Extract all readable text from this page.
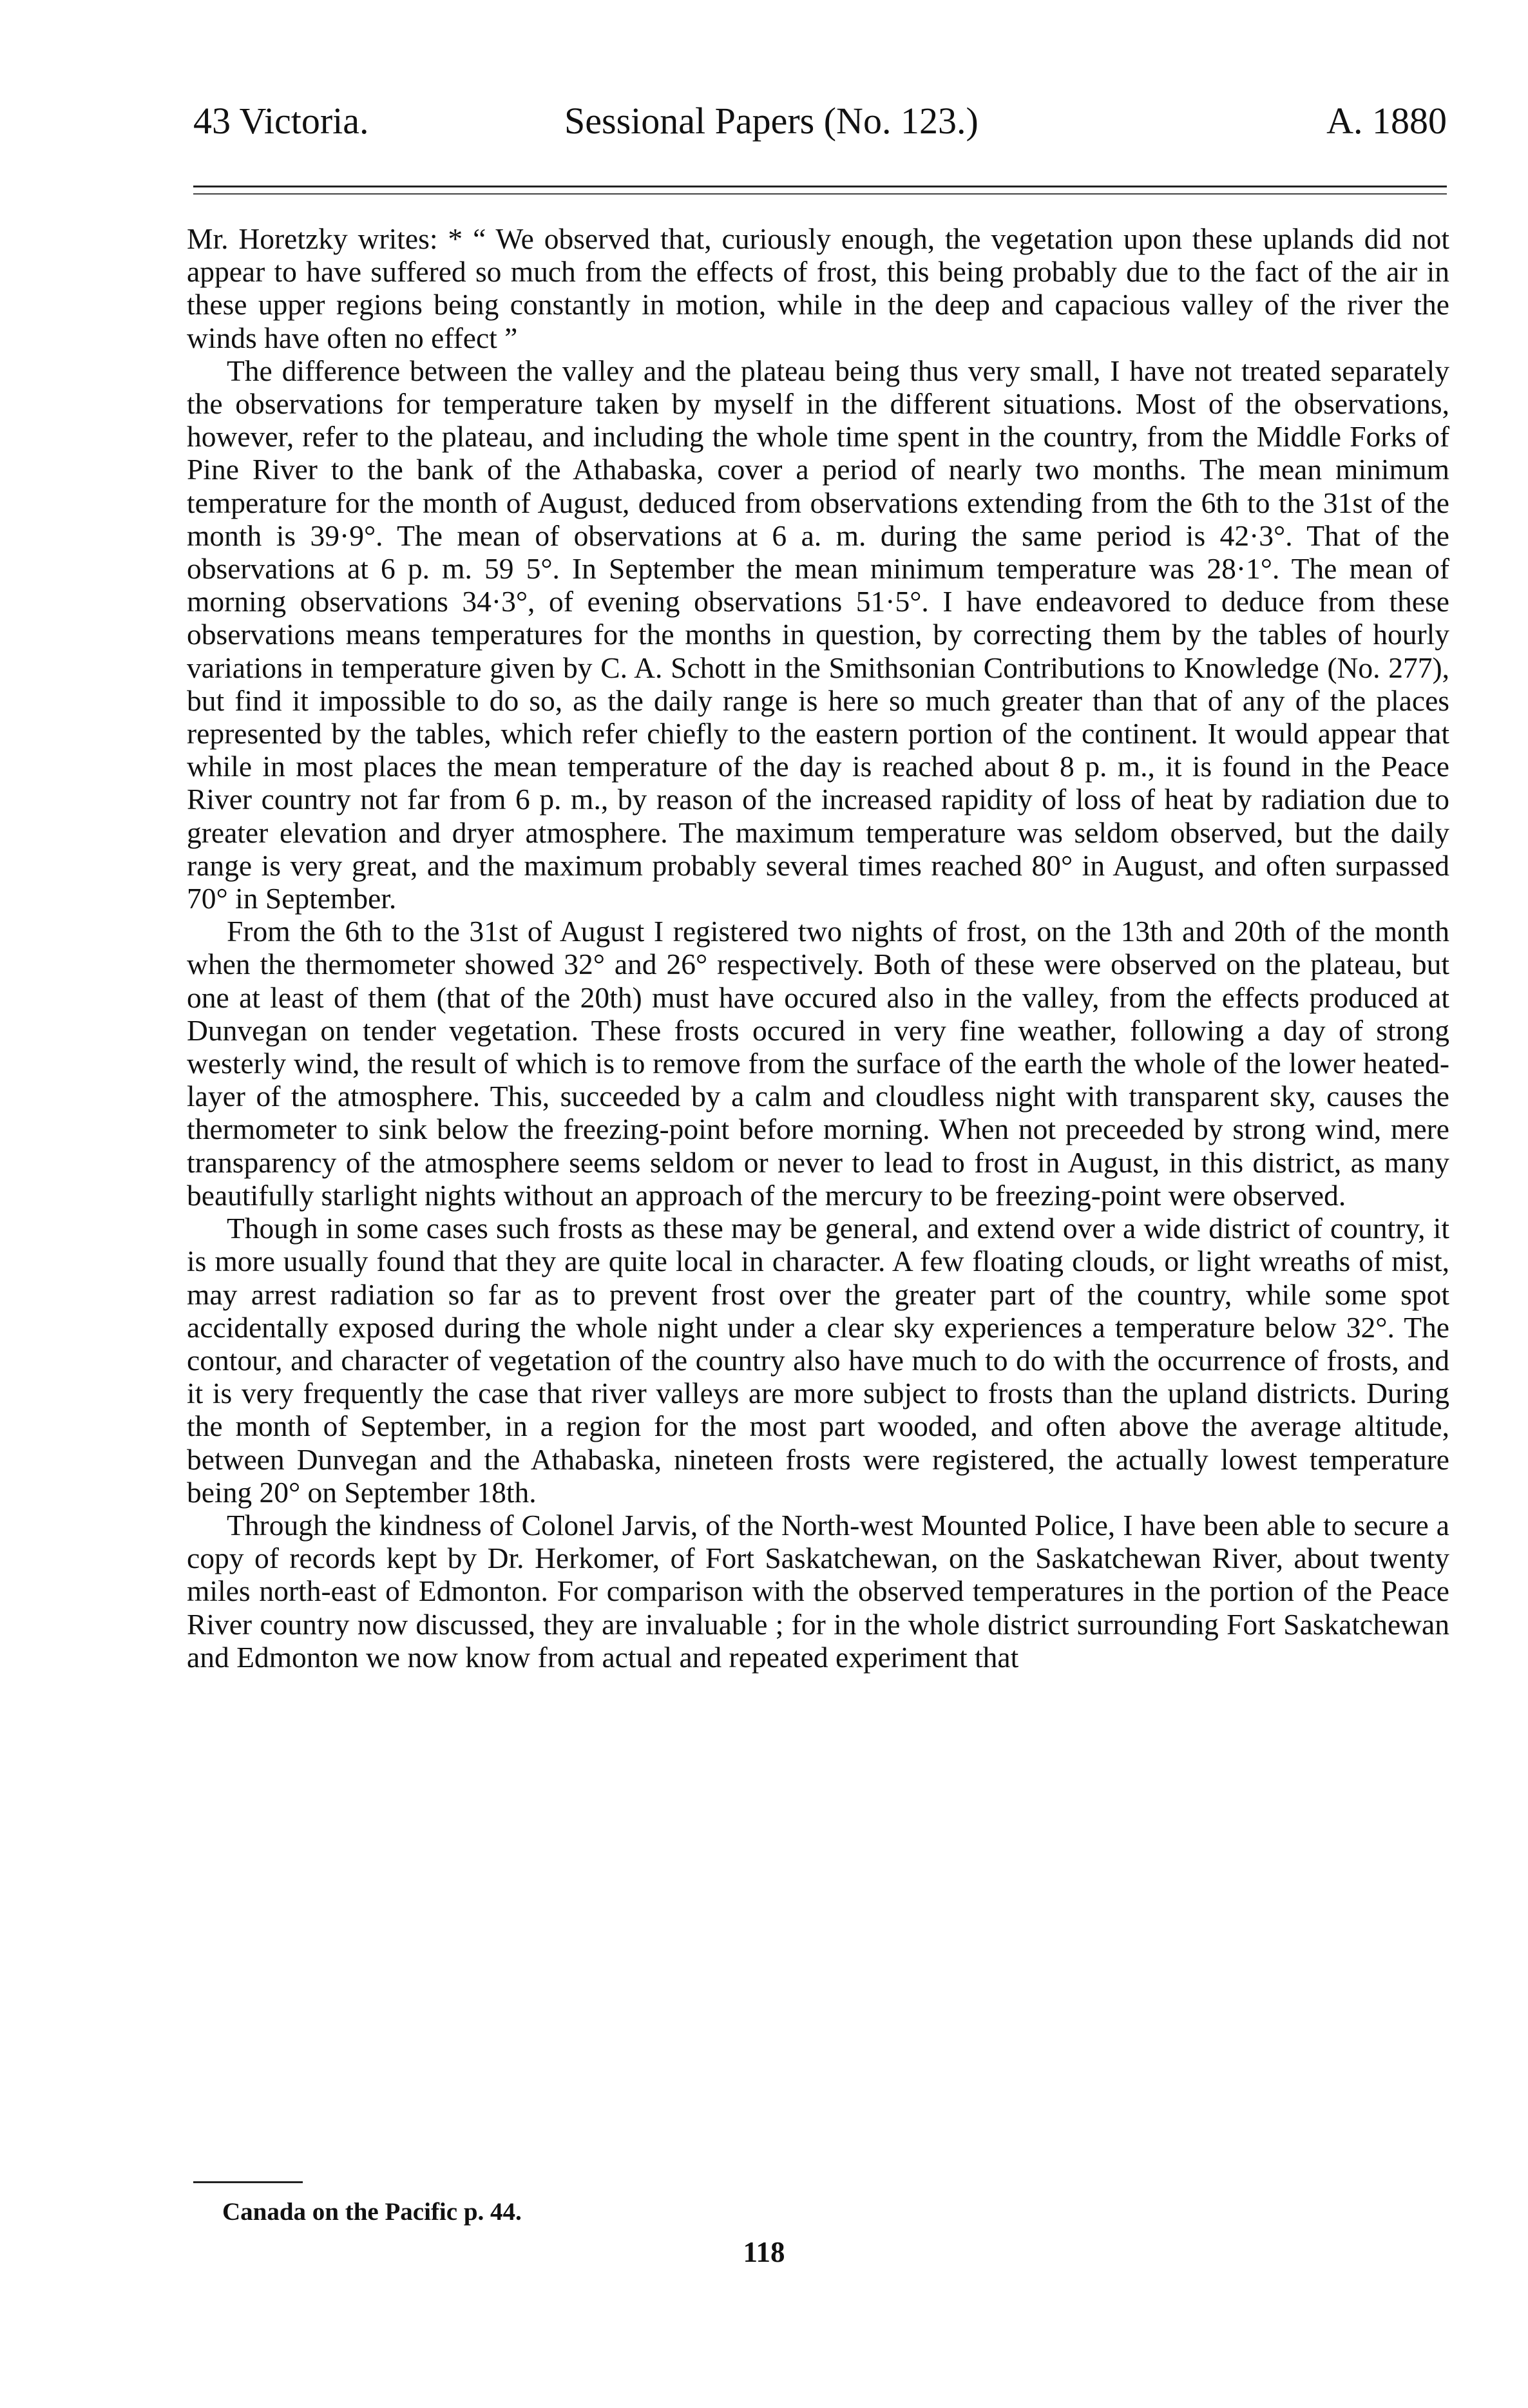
43 Victoria.	Sessional Papers (No. 123.)	A. 1880

Mr. Horetzky writes: * “ We observed that, curiously enough, the vegetation upon these uplands did not appear to have suffered so much from the effects of frost, this being probably due to the fact of the air in these upper regions being constantly in motion, while in the deep and capacious valley of the river the winds have often no effect ”

The difference between the valley and the plateau being thus very small, I have not treated separately the observations for temperature taken by myself in the different situations. Most of the observations, however, refer to the plateau, and including the whole time spent in the country, from the Middle Forks of Pine River to the bank of the Athabaska, cover a period of nearly two months. The mean minimum temperature for the month of August, deduced from observations extending from the 6th to the 31st of the month is 39·9°. The mean of observations at 6 a. m. during the same period is 42·3°. That of the observations at 6 p. m. 59 5°. In September the mean minimum temperature was 28·1°. The mean of morning observations 34·3°, of evening observations 51·5°. I have endeavored to deduce from these observations means temperatures for the months in question, by correcting them by the tables of hourly variations in temperature given by C. A. Schott in the Smithsonian Contributions to Knowledge (No. 277), but find it impossible to do so, as the daily range is here so much greater than that of any of the places represented by the tables, which refer chiefly to the eastern portion of the continent. It would appear that while in most places the mean temperature of the day is reached about 8 p. m., it is found in the Peace River country not far from 6 p. m., by reason of the increased rapidity of loss of heat by radiation due to greater elevation and dryer atmosphere. The maximum temperature was seldom observed, but the daily range is very great, and the maximum probably several times reached 80° in August, and often surpassed 70° in September.

From the 6th to the 31st of August I registered two nights of frost, on the 13th and 20th of the month when the thermometer showed 32° and 26° respectively. Both of these were observed on the plateau, but one at least of them (that of the 20th) must have occured also in the valley, from the effects produced at Dunvegan on tender vegetation. These frosts occured in very fine weather, following a day of strong westerly wind, the result of which is to remove from the surface of the earth the whole of the lower heated-layer of the atmosphere. This, succeeded by a calm and cloudless night with transparent sky, causes the thermometer to sink below the freezing-point before morning. When not preceeded by strong wind, mere transparency of the atmosphere seems seldom or never to lead to frost in August, in this district, as many beautifully starlight nights without an approach of the mercury to be freezing-point were observed.

Though in some cases such frosts as these may be general, and extend over a wide district of country, it is more usually found that they are quite local in character. A few floating clouds, or light wreaths of mist, may arrest radiation so far as to prevent frost over the greater part of the country, while some spot accidentally exposed during the whole night under a clear sky experiences a temperature below 32°. The contour, and character of vegetation of the country also have much to do with the occurrence of frosts, and it is very frequently the case that river valleys are more subject to frosts than the upland districts. During the month of September, in a region for the most part wooded, and often above the average altitude, between Dunvegan and the Athabaska, nineteen frosts were registered, the actually lowest temperature being 20° on September 18th.

Through the kindness of Colonel Jarvis, of the North-west Mounted Police, I have been able to secure a copy of records kept by Dr. Herkomer, of Fort Saskatchewan, on the Saskatchewan River, about twenty miles north-east of Edmonton. For comparison with the observed temperatures in the portion of the Peace River country now discussed, they are invaluable ; for in the whole district surrounding Fort Saskatchewan and Edmonton we now know from actual and repeated experiment that

Canada on the Pacific p. 44.
118
